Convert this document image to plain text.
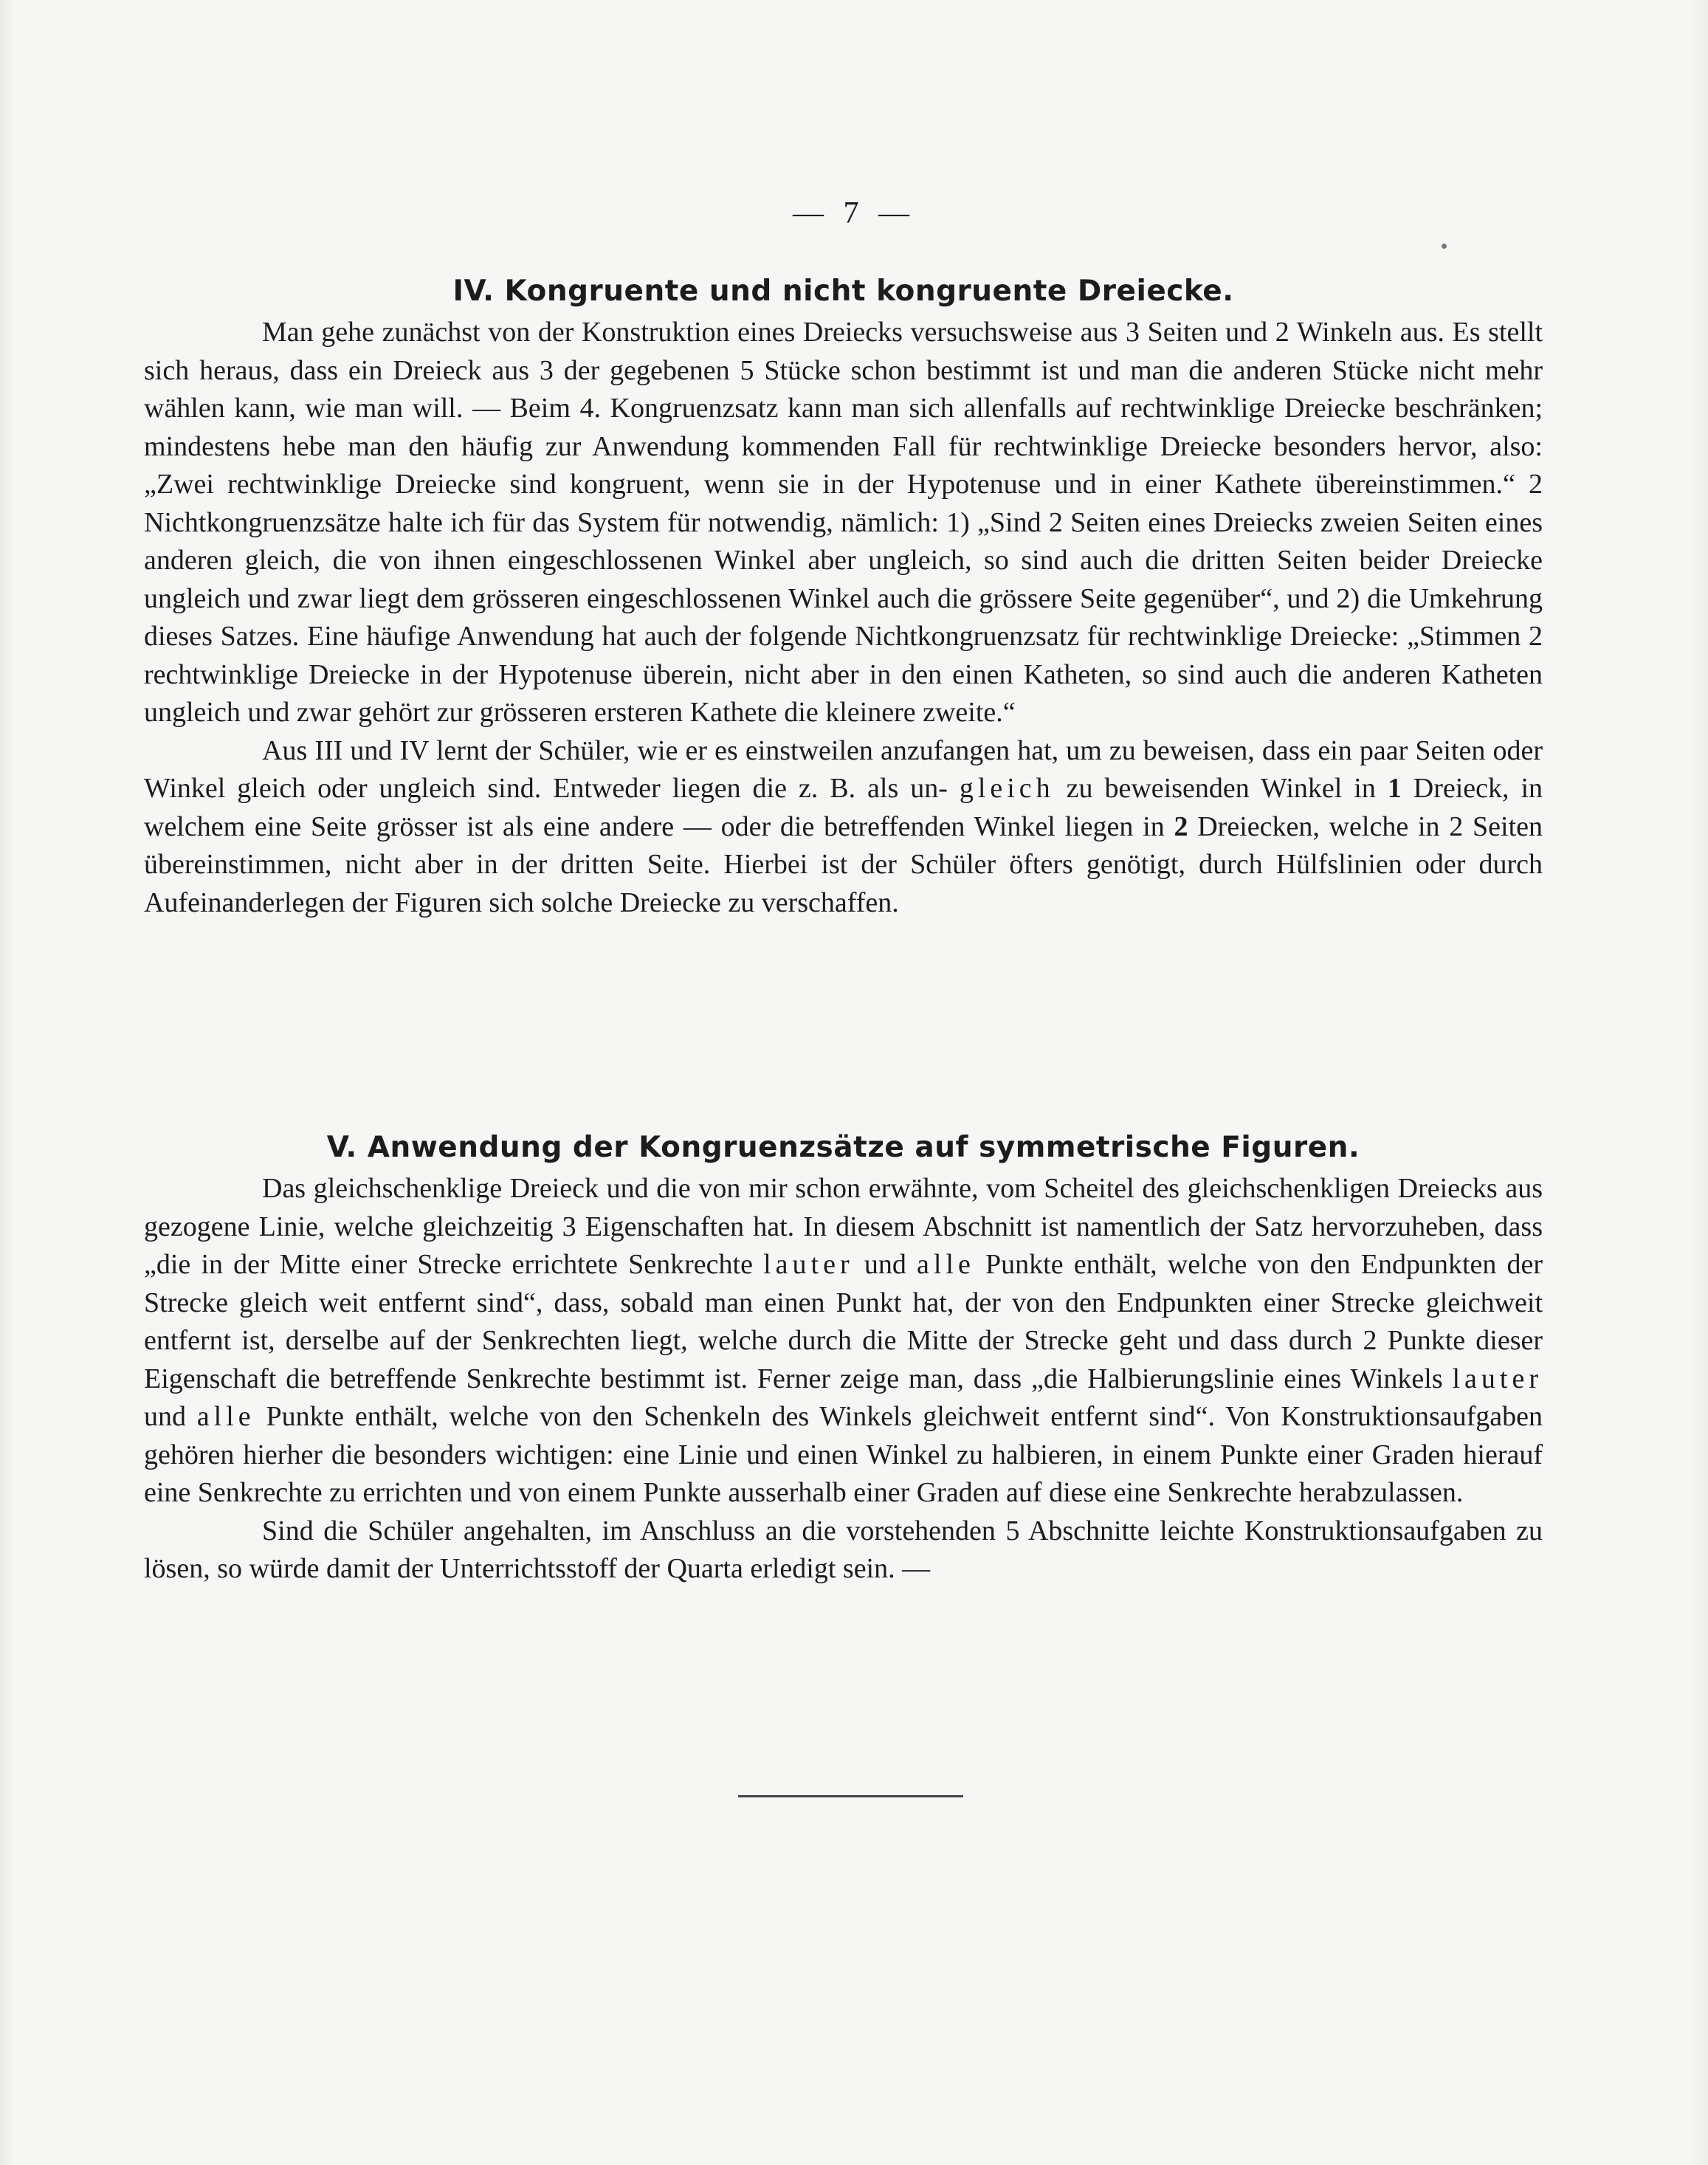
— 7 —
IV. Kongruente und nicht kongruente Dreiecke.

Man gehe zunächst von der Konstruktion eines Dreiecks versuchsweise aus 3 Seiten und 2 Winkeln aus. Es stellt sich heraus, dass ein Dreieck aus 3 der gegebenen 5 Stücke schon bestimmt ist und man die anderen Stücke nicht mehr wählen kann, wie man will. — Beim 4. Kongruenzsatz kann man sich allenfalls auf rechtwinklige Dreiecke beschränken; mindestens hebe man den häufig zur Anwendung kommenden Fall für rechtwinklige Dreiecke besonders hervor, also: „Zwei rechtwinklige Dreiecke sind kongruent, wenn sie in der Hypotenuse und in einer Kathete übereinstimmen.“ 2 Nichtkongruenzsätze halte ich für das System für notwendig, nämlich: 1) „Sind 2 Seiten eines Dreiecks zweien Seiten eines anderen gleich, die von ihnen eingeschlossenen Winkel aber ungleich, so sind auch die dritten Seiten beider Dreiecke ungleich und zwar liegt dem grösseren eingeschlossenen Winkel auch die grössere Seite gegenüber“, und 2) die Umkehrung dieses Satzes. Eine häufige Anwendung hat auch der folgende Nichtkongruenzsatz für rechtwinklige Dreiecke: „Stimmen 2 rechtwinklige Dreiecke in der Hypotenuse überein, nicht aber in den einen Katheten, so sind auch die anderen Katheten ungleich und zwar gehört zur grösseren ersteren Kathete die kleinere zweite.“

Aus III und IV lernt der Schüler, wie er es einstweilen anzufangen hat, um zu beweisen, dass ein paar Seiten oder Winkel gleich oder ungleich sind. Entweder liegen die z. B. als un- gleich zu beweisenden Winkel in 1 Dreieck, in welchem eine Seite grösser ist als eine andere — oder die betreffenden Winkel liegen in 2 Dreiecken, welche in 2 Seiten übereinstimmen, nicht aber in der dritten Seite. Hierbei ist der Schüler öfters genötigt, durch Hülfslinien oder durch Aufeinanderlegen der Figuren sich solche Dreiecke zu verschaffen.

V. Anwendung der Kongruenzsätze auf symmetrische Figuren.

Das gleichschenklige Dreieck und die von mir schon erwähnte, vom Scheitel des gleichschenkligen Dreiecks aus gezogene Linie, welche gleichzeitig 3 Eigenschaften hat. In diesem Abschnitt ist namentlich der Satz hervorzuheben, dass „die in der Mitte einer Strecke errichtete Senkrechte lauter und alle Punkte enthält, welche von den Endpunkten der Strecke gleich weit entfernt sind“, dass, sobald man einen Punkt hat, der von den Endpunkten einer Strecke gleichweit entfernt ist, derselbe auf der Senkrechten liegt, welche durch die Mitte der Strecke geht und dass durch 2 Punkte dieser Eigenschaft die betreffende Senkrechte bestimmt ist. Ferner zeige man, dass „die Halbierungslinie eines Winkels lauter und alle Punkte enthält, welche von den Schenkeln des Winkels gleichweit entfernt sind“. Von Konstruktionsaufgaben gehören hierher die besonders wichtigen: eine Linie und einen Winkel zu halbieren, in einem Punkte einer Graden hierauf eine Senkrechte zu errichten und von einem Punkte ausserhalb einer Graden auf diese eine Senkrechte herabzulassen.

Sind die Schüler angehalten, im Anschluss an die vorstehenden 5 Abschnitte leichte Konstruktionsaufgaben zu lösen, so würde damit der Unterrichtsstoff der Quarta erledigt sein. —
